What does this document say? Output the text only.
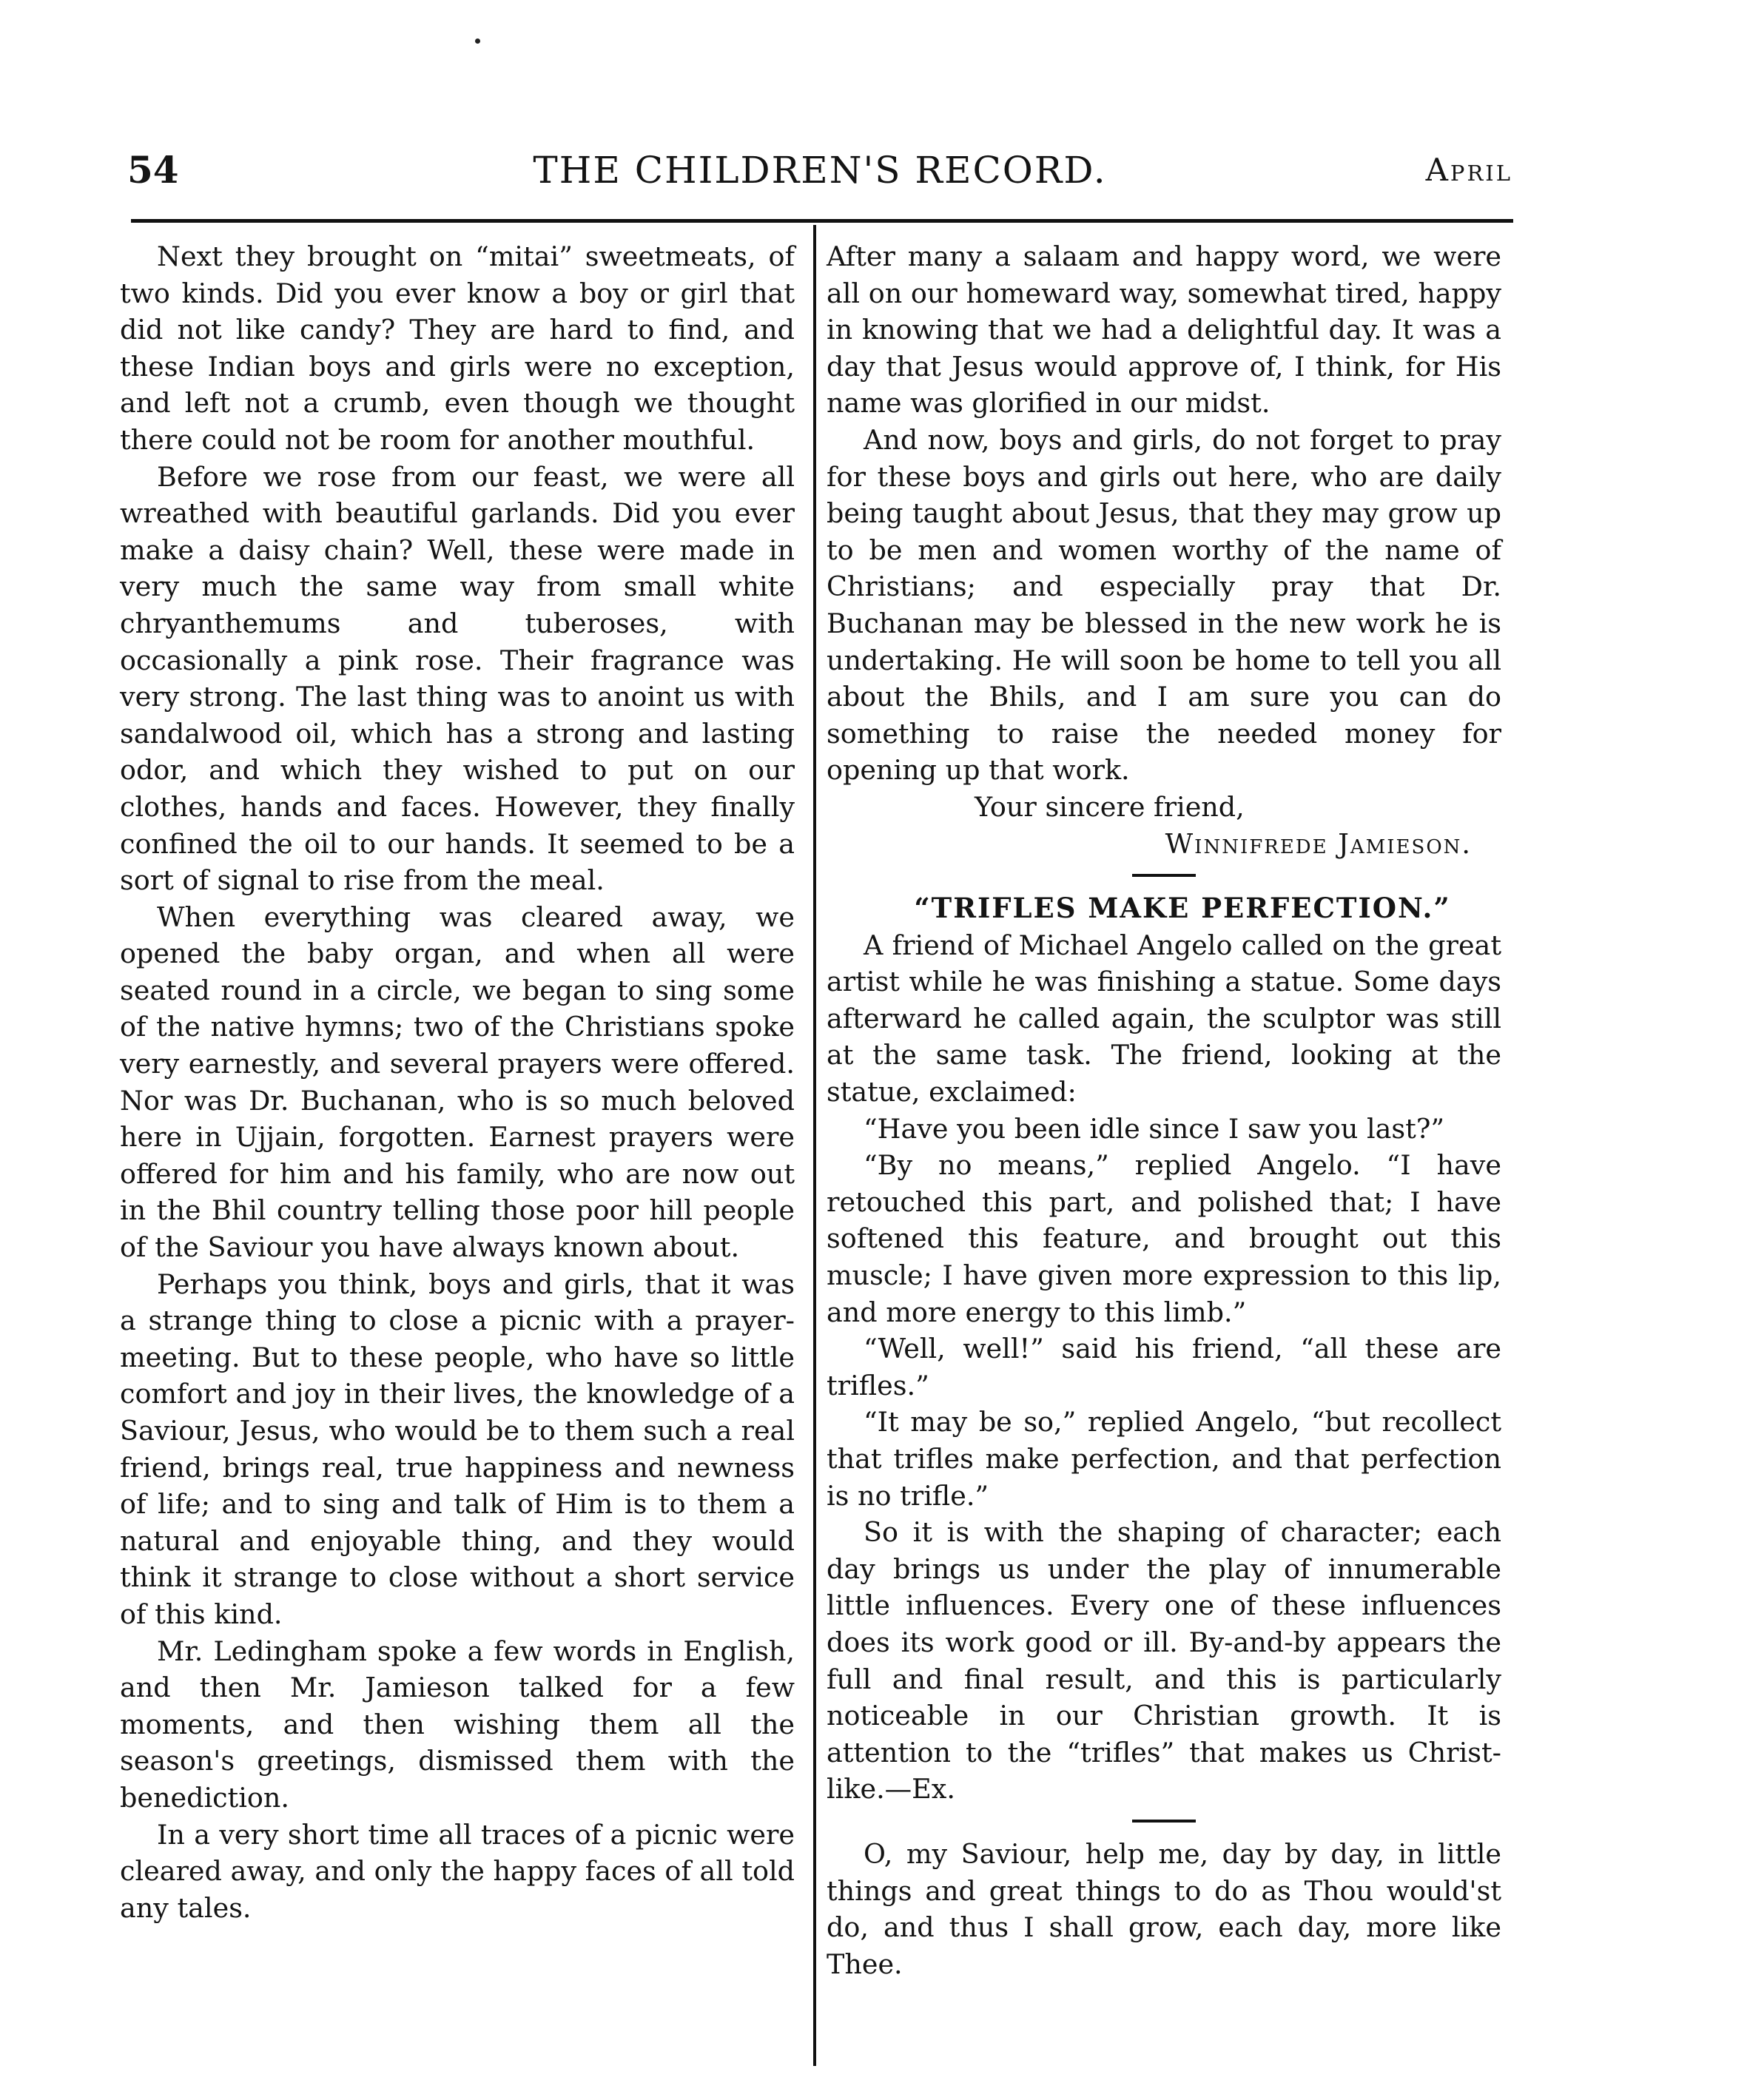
54	THE CHILDREN'S RECORD.	April

Next they brought on “mitai” sweetmeats, of two kinds. Did you ever know a boy or girl that did not like candy? They are hard to find, and these Indian boys and girls were no exception, and left not a crumb, even though we thought there could not be room for another mouthful.

Before we rose from our feast, we were all wreathed with beautiful garlands. Did you ever make a daisy chain? Well, these were made in very much the same way from small white chryanthemums and tuberoses, with occasionally a pink rose. Their fragrance was very strong. The last thing was to anoint us with sandalwood oil, which has a strong and lasting odor, and which they wished to put on our clothes, hands and faces. However, they finally confined the oil to our hands. It seemed to be a sort of signal to rise from the meal.

When everything was cleared away, we opened the baby organ, and when all were seated round in a circle, we began to sing some of the native hymns; two of the Christians spoke very earnestly, and several prayers were offered. Nor was Dr. Buchanan, who is so much beloved here in Ujjain, forgotten. Earnest prayers were offered for him and his family, who are now out in the Bhil country telling those poor hill people of the Saviour you have always known about.

Perhaps you think, boys and girls, that it was a strange thing to close a picnic with a prayer-meeting. But to these people, who have so little comfort and joy in their lives, the knowledge of a Saviour, Jesus, who would be to them such a real friend, brings real, true happiness and newness of life; and to sing and talk of Him is to them a natural and enjoyable thing, and they would think it strange to close without a short service of this kind.

Mr. Ledingham spoke a few words in English, and then Mr. Jamieson talked for a few moments, and then wishing them all the season's greetings, dismissed them with the benediction.

In a very short time all traces of a picnic were cleared away, and only the happy faces of all told any tales.

After many a salaam and happy word, we were all on our homeward way, somewhat tired, happy in knowing that we had a delightful day. It was a day that Jesus would approve of, I think, for His name was glorified in our midst.

And now, boys and girls, do not forget to pray for these boys and girls out here, who are daily being taught about Jesus, that they may grow up to be men and women worthy of the name of Christians; and especially pray that Dr. Buchanan may be blessed in the new work he is undertaking. He will soon be home to tell you all about the Bhils, and I am sure you can do something to raise the needed money for opening up that work.

Your sincere friend,

Winnifrede Jamieson.

“TRIFLES MAKE PERFECTION.”

A friend of Michael Angelo called on the great artist while he was finishing a statue. Some days afterward he called again, the sculptor was still at the same task. The friend, looking at the statue, exclaimed:

“Have you been idle since I saw you last?”

“By no means,” replied Angelo. “I have retouched this part, and polished that; I have softened this feature, and brought out this muscle; I have given more expression to this lip, and more energy to this limb.”

“Well, well!” said his friend, “all these are trifles.”

“It may be so,” replied Angelo, “but recollect that trifles make perfection, and that perfection is no trifle.”

So it is with the shaping of character; each day brings us under the play of innumerable little influences. Every one of these influences does its work good or ill. By-and-by appears the full and final result, and this is particularly noticeable in our Christian growth. It is attention to the “trifles” that makes us Christ-like.—Ex.

O, my Saviour, help me, day by day, in little things and great things to do as Thou would'st do, and thus I shall grow, each day, more like Thee.
